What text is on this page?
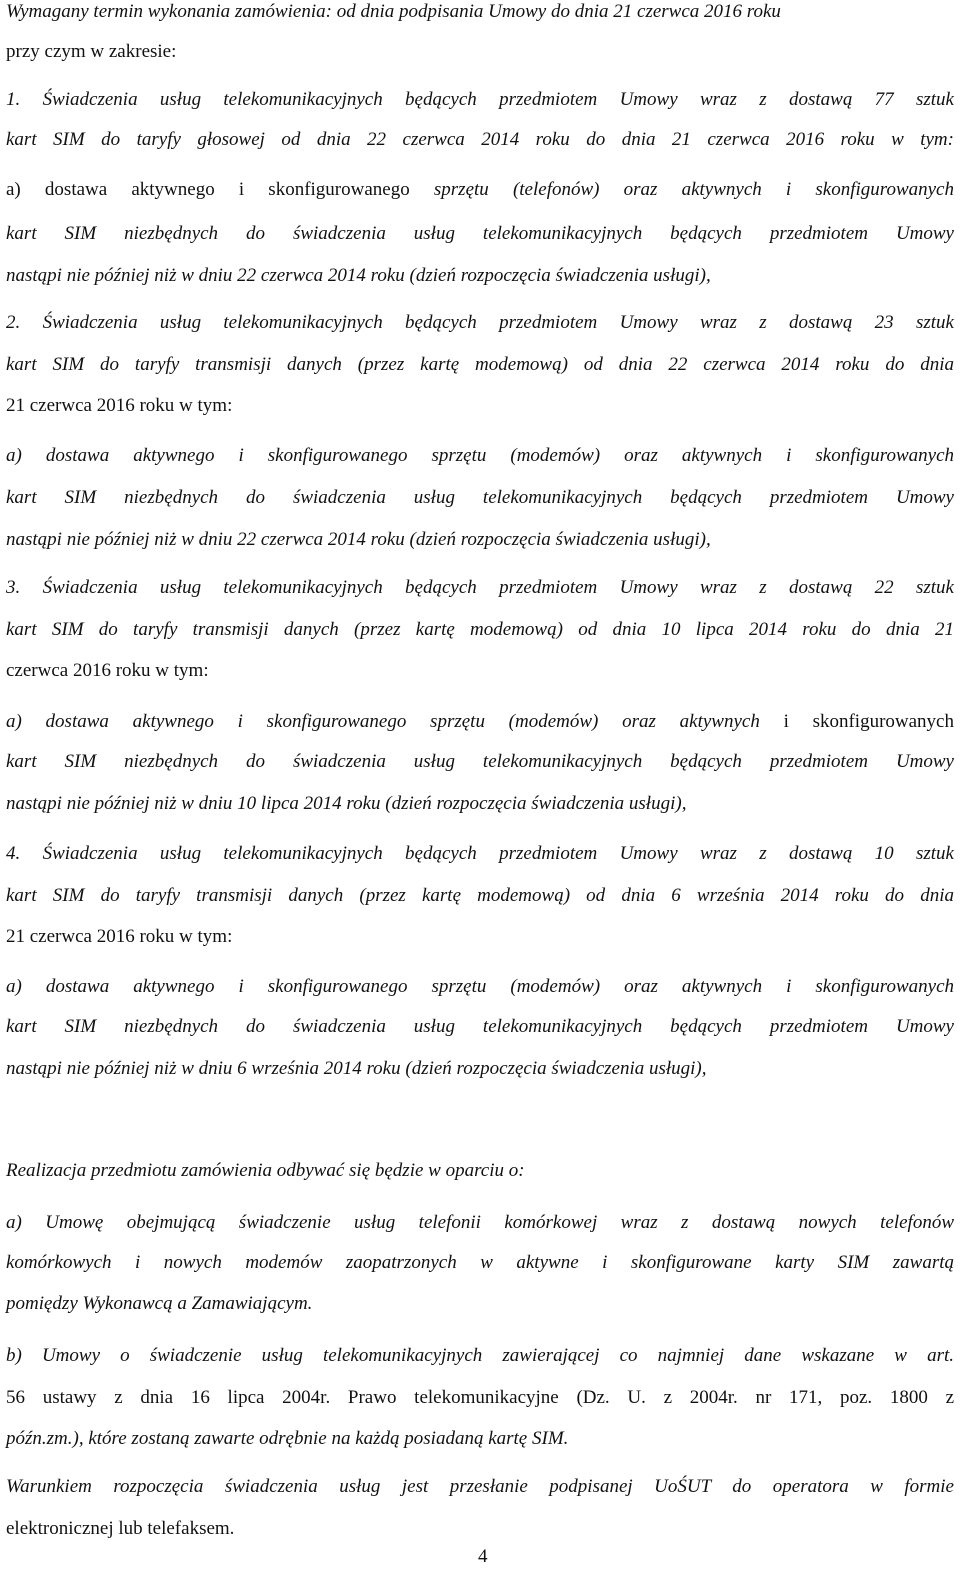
Wymagany termin wykonania zamówienia: od dnia podpisania Umowy do dnia 21 czerwca 2016 roku
przy czym w zakresie:
1. Świadczenia usług telekomunikacyjnych będących przedmiotem Umowy wraz z dostawą 77 sztuk
kart SIM do taryfy głosowej od dnia 22 czerwca 2014 roku do dnia 21 czerwca 2016 roku w tym:
a) dostawa aktywnego i skonfigurowanego sprzętu (telefonów) oraz aktywnych i skonfigurowanych
kart SIM niezbędnych do świadczenia usług telekomunikacyjnych będących przedmiotem Umowy
nastąpi nie później niż w dniu 22 czerwca 2014 roku (dzień rozpoczęcia świadczenia usługi),
2. Świadczenia usług telekomunikacyjnych będących przedmiotem Umowy wraz z dostawą 23 sztuk
kart SIM do taryfy transmisji danych (przez kartę modemową) od dnia 22 czerwca 2014 roku do dnia
21 czerwca 2016 roku w tym:
a) dostawa aktywnego i skonfigurowanego sprzętu (modemów) oraz aktywnych i skonfigurowanych
kart SIM niezbędnych do świadczenia usług telekomunikacyjnych będących przedmiotem Umowy
nastąpi nie później niż w dniu 22 czerwca 2014 roku (dzień rozpoczęcia świadczenia usługi),
3. Świadczenia usług telekomunikacyjnych będących przedmiotem Umowy wraz z dostawą 22 sztuk
kart SIM do taryfy transmisji danych (przez kartę modemową) od dnia 10 lipca 2014 roku do dnia 21
czerwca 2016 roku w tym:
a) dostawa aktywnego i skonfigurowanego sprzętu (modemów) oraz aktywnych i skonfigurowanych
kart SIM niezbędnych do świadczenia usług telekomunikacyjnych będących przedmiotem Umowy
nastąpi nie później niż w dniu 10 lipca 2014 roku (dzień rozpoczęcia świadczenia usługi),
4. Świadczenia usług telekomunikacyjnych będących przedmiotem Umowy wraz z dostawą 10 sztuk
kart SIM do taryfy transmisji danych (przez kartę modemową) od dnia 6 września 2014 roku do dnia
21 czerwca 2016 roku w tym:
a) dostawa aktywnego i skonfigurowanego sprzętu (modemów) oraz aktywnych i skonfigurowanych
kart SIM niezbędnych do świadczenia usług telekomunikacyjnych będących przedmiotem Umowy
nastąpi nie później niż w dniu 6 września 2014 roku (dzień rozpoczęcia świadczenia usługi),
Realizacja przedmiotu zamówienia odbywać się będzie w oparciu o:
a) Umowę obejmującą świadczenie usług telefonii komórkowej wraz z dostawą nowych telefonów
komórkowych i nowych modemów zaopatrzonych w aktywne i skonfigurowane karty SIM zawartą
pomiędzy Wykonawcą a Zamawiającym.
b) Umowy o świadczenie usług telekomunikacyjnych zawierającej co najmniej dane wskazane w art.
56 ustawy z dnia 16 lipca 2004r. Prawo telekomunikacyjne (Dz. U. z 2004r. nr 171, poz. 1800 z
późn.zm.), które zostaną zawarte odrębnie na każdą posiadaną kartę SIM.
Warunkiem rozpoczęcia świadczenia usług jest przesłanie podpisanej UoŚUT do operatora w formie
elektronicznej lub telefaksem.
4
